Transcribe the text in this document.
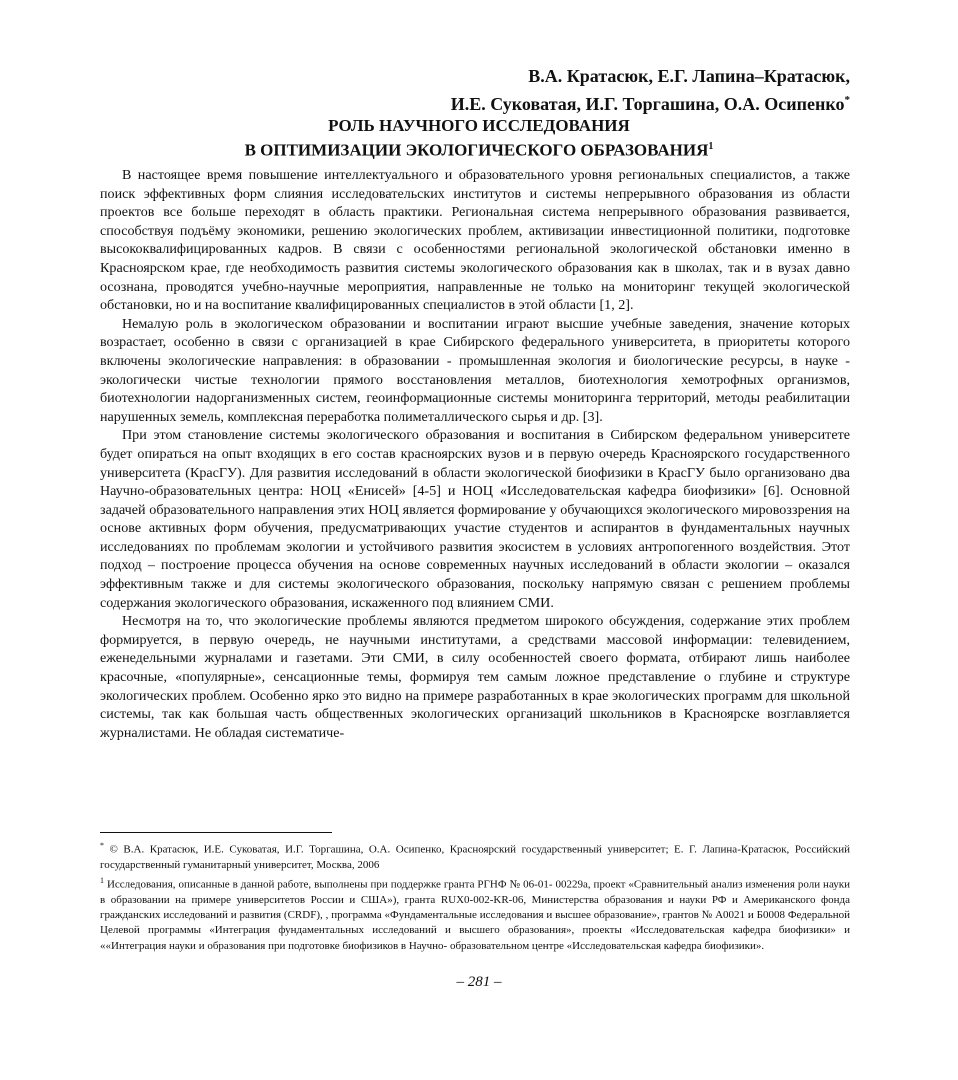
В.А. Кратасюк, Е.Г. Лапина–Кратасюк,
И.Е. Суковатая, И.Г. Торгашина, О.А. Осипенко*
РОЛЬ НАУЧНОГО ИССЛЕДОВАНИЯ
В ОПТИМИЗАЦИИ ЭКОЛОГИЧЕСКОГО ОБРАЗОВАНИЯ$^1$

В настоящее время повышение интеллектуального и образовательного уровня региональных специалистов, а также поиск эффективных форм слияния исследовательских институтов и системы непрерывного образования из области проектов все больше переходят в область практики. Региональная система непрерывного образования развивается, способствуя подъёму экономики, решению экологических проблем, активизации инвестиционной политики, подготовке высококвалифицированных кадров. В связи с особенностями региональной экологической обстановки именно в Красноярском крае, где необходимость развития системы экологического образования как в школах, так и в вузах давно осознана, проводятся учебно-научные мероприятия, направленные не только на мониторинг текущей экологической обстановки, но и на воспитание квалифицированных специалистов в этой области [1, 2].

Немалую роль в экологическом образовании и воспитании играют высшие учебные заведения, значение которых возрастает, особенно в связи с организацией в крае Сибирского федерального университета, в приоритеты которого включены экологические направления: в образовании - промышленная экология и биологические ресурсы, в науке - экологически чистые технологии прямого восстановления металлов, биотехнология хемотрофных организмов, биотехнологии надорганизменных систем, геоинформационные системы мониторинга территорий, методы реабилитации нарушенных земель, комплексная переработка полиметаллического сырья и др. [3].

При этом становление системы экологического образования и воспитания в Сибирском федеральном университете будет опираться на опыт входящих в его состав красноярских вузов и в первую очередь Красноярского государственного университета (КрасГУ). Для развития исследований в области экологической биофизики в КрасГУ было организовано два Научно-образовательных центра: НОЦ «Енисей» [4-5] и НОЦ «Исследовательская кафедра биофизики» [6]. Основной задачей образовательного направления этих НОЦ является формирование у обучающихся экологического мировоззрения на основе активных форм обучения, предусматривающих участие студентов и аспирантов в фундаментальных научных исследованиях по проблемам экологии и устойчивого развития экосистем в условиях антропогенного воздействия. Этот подход – построение процесса обучения на основе современных научных исследований в области экологии – оказался эффективным также и для системы экологического образования, поскольку напрямую связан с решением проблемы содержания экологического образования, искаженного под влиянием СМИ.

Несмотря на то, что экологические проблемы являются предметом широкого обсуждения, содержание этих проблем формируется, в первую очередь, не научными институтами, а средствами массовой информации: телевидением, еженедельными журналами и газетами. Эти СМИ, в силу особенностей своего формата, отбирают лишь наиболее красочные, «популярные», сенсационные темы, формируя тем самым ложное представление о глубине и структуре экологических проблем. Особенно ярко это видно на примере разработанных в крае экологических программ для школьной системы, так как большая часть общественных экологических организаций школьников в Красноярске возглавляется журналистами. Не обладая систематиче-

* © В.А. Кратасюк, И.Е. Суковатая, И.Г. Торгашина, О.А. Осипенко, Красноярский государственный университет; Е. Г. Лапина-Кратасюк, Российский государственный гуманитарный университет, Москва, 2006

$^1$ Исследования, описанные в данной работе, выполнены при поддержке гранта РГНФ № 06-01- 00229а, проект «Сравнительный анализ изменения роли науки в образовании на примере университетов России и США»), гранта RUX0-002-KR-06, Министерства образования и науки РФ и Американского фонда гражданских исследований и развития (CRDF), , программа «Фундаментальные исследования и высшее образование», грантов № А0021 и Б0008 Федеральной Целевой программы «Интеграция фундаментальных исследований и высшего образования», проекты «Исследовательская кафедра биофизики» и ««Интеграция науки и образования при подготовке биофизиков в Научно- образовательном центре «Исследовательская кафедра биофизики».

– 281 –
